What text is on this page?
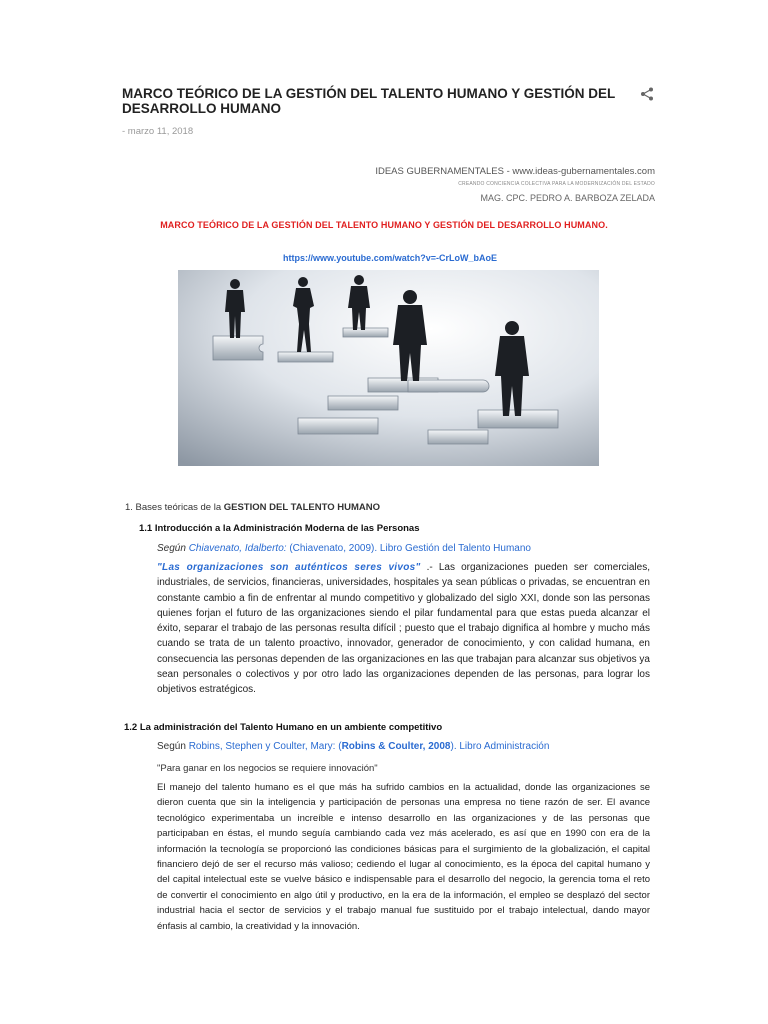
MARCO TEÓRICO DE LA GESTIÓN DEL TALENTO HUMANO Y GESTIÓN DEL DESARROLLO HUMANO
- marzo 11, 2018
IDEAS GUBERNAMENTALES - www.ideas-gubernamentales.com
CREANDO CONCIENCIA COLECTIVA PARA LA MODERNIZACIÓN DEL ESTADO
MAG. CPC. PEDRO A. BARBOZA ZELADA
MARCO TEÓRICO DE LA GESTIÓN DEL TALENTO HUMANO Y GESTIÓN DEL DESARROLLO HUMANO.
https://www.youtube.com/watch?v=-CrLoW_bAoE
1. Bases teóricas de la GESTION DEL TALENTO HUMANO
1.1 Introducción a la Administración Moderna de las Personas
Según Chiavenato, Idalberto: (Chiavenato, 2009). Libro Gestión del Talento Humano
"Las organizaciones son auténticos seres vivos" .- Las organizaciones pueden ser comerciales, industriales, de servicios, financieras, universidades, hospitales ya sean públicas o privadas, se encuentran en constante cambio a fin de enfrentar al mundo competitivo y globalizado del siglo XXI, donde son las personas quienes forjan el futuro de las organizaciones siendo el pilar fundamental para que estas pueda alcanzar el éxito, separar el trabajo de las personas resulta difícil ; puesto que el trabajo dignifica al hombre y mucho más cuando se trata de un talento proactivo, innovador, generador de conocimiento, y con calidad humana, en consecuencia las personas dependen de las organizaciones en las que trabajan para alcanzar sus objetivos ya sean personales o colectivos y por otro lado las organizaciones dependen de las personas, para lograr los objetivos estratégicos.
1.2 La administración del Talento Humano en un ambiente competitivo
Según Robins, Stephen y Coulter, Mary: (Robins & Coulter, 2008). Libro Administración
"Para ganar en los negocios se requiere innovación"
El manejo del talento humano es el que más ha sufrido cambios en la actualidad, donde las organizaciones se dieron cuenta que sin la inteligencia y participación de personas una empresa no tiene razón de ser. El avance tecnológico experimentaba un increíble e intenso desarrollo en las organizaciones y de las personas que participaban en éstas, el mundo seguía cambiando cada vez más acelerado, es así que en 1990 con era de la información la tecnología se proporcionó las condiciones básicas para el surgimiento de la globalización, el capital financiero dejó de ser el recurso más valioso; cediendo el lugar al conocimiento, es la época del capital humano y del capital intelectual este se vuelve básico e indispensable para el desarrollo del negocio, la gerencia toma el reto de convertir el conocimiento en algo útil y productivo, en la era de la información, el empleo se desplazó del sector industrial hacia el sector de servicios y el trabajo manual fue sustituido por el trabajo intelectual, dando mayor énfasis al cambio, la creatividad y la innovación.
